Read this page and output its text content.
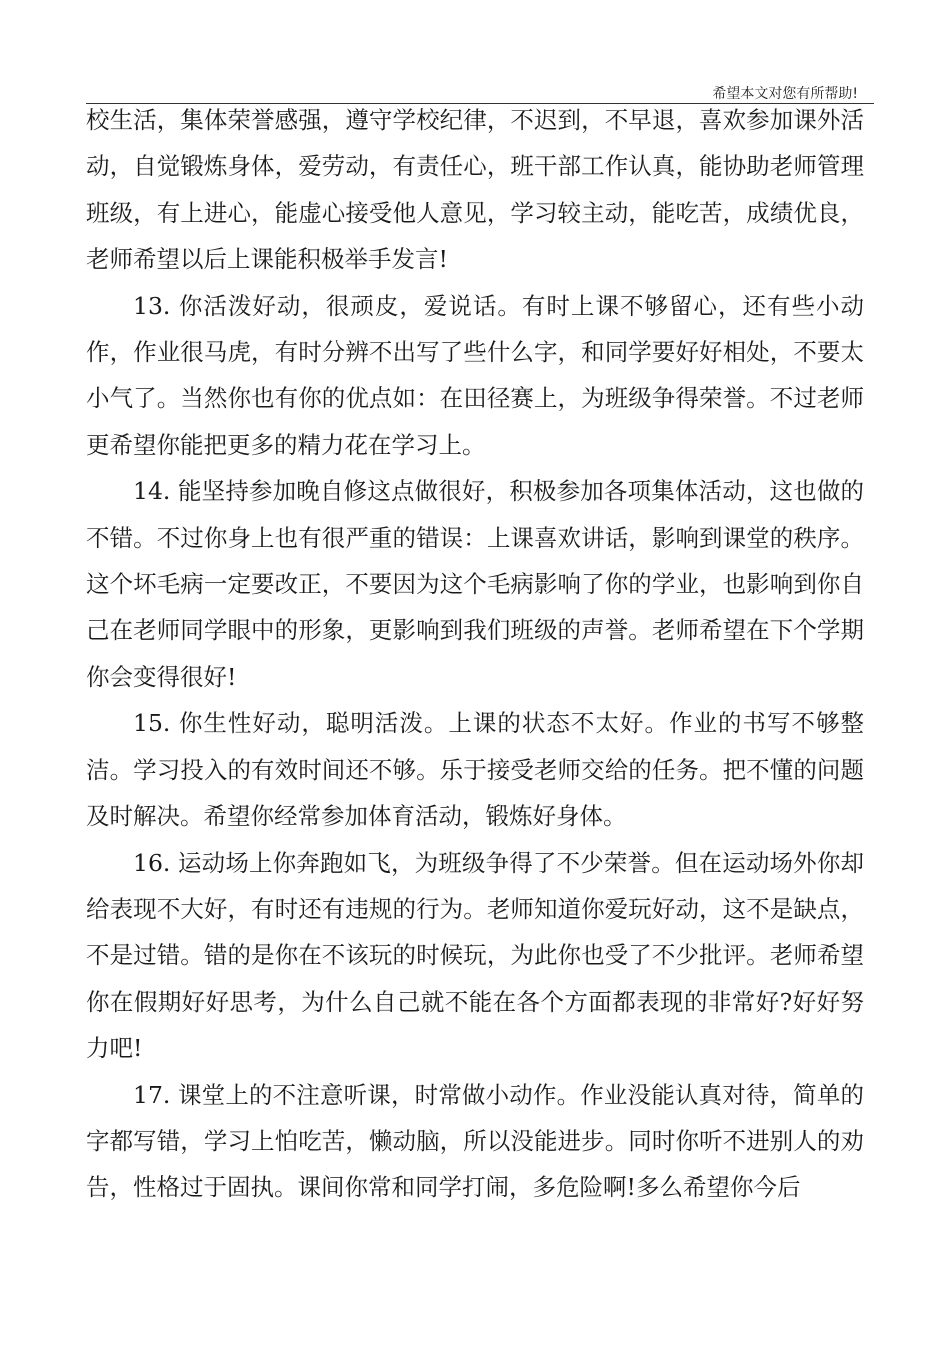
希望本文对您有所帮助!

校生活，集体荣誉感强，遵守学校纪律，不迟到，不早退，喜欢参加课外活动，自觉锻炼身体，爱劳动，有责任心，班干部工作认真，能协助老师管理班级，有上进心，能虚心接受他人意见，学习较主动，能吃苦，成绩优良，老师希望以后上课能积极举手发言!

13. 你活泼好动，很顽皮，爱说话。有时上课不够留心，还有些小动作，作业很马虎，有时分辨不出写了些什么字，和同学要好好相处，不要太小气了。当然你也有你的优点如：在田径赛上，为班级争得荣誉。不过老师更希望你能把更多的精力花在学习上。

14. 能坚持参加晚自修这点做很好，积极参加各项集体活动，这也做的不错。不过你身上也有很严重的错误：上课喜欢讲话，影响到课堂的秩序。这个坏毛病一定要改正，不要因为这个毛病影响了你的学业，也影响到你自己在老师同学眼中的形象，更影响到我们班级的声誉。老师希望在下个学期你会变得很好!

15. 你生性好动，聪明活泼。上课的状态不太好。作业的书写不够整洁。学习投入的有效时间还不够。乐于接受老师交给的任务。把不懂的问题及时解决。希望你经常参加体育活动，锻炼好身体。

16. 运动场上你奔跑如飞，为班级争得了不少荣誉。但在运动场外你却给表现不大好，有时还有违规的行为。老师知道你爱玩好动，这不是缺点，不是过错。错的是你在不该玩的时候玩，为此你也受了不少批评。老师希望你在假期好好思考，为什么自己就不能在各个方面都表现的非常好?好好努力吧!

17. 课堂上的不注意听课，时常做小动作。作业没能认真对待，简单的字都写错，学习上怕吃苦，懒动脑，所以没能进步。同时你听不进别人的劝告，性格过于固执。课间你常和同学打闹，多危险啊!多么希望你今后
